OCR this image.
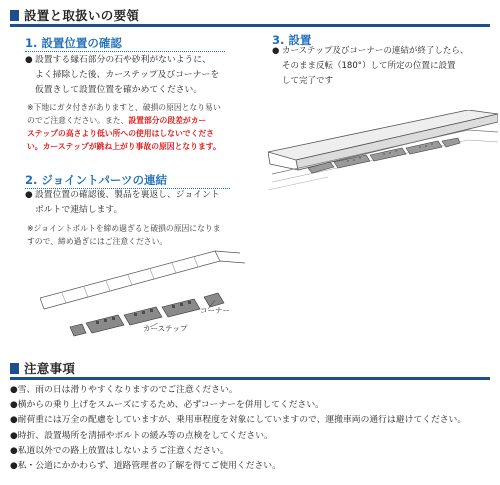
設置と取扱いの要領
1. 設置位置の確認
● 設置する縁石部分の石や砂利がないように、
よく掃除した後、カーステップ及びコーナーを
仮置きして設置位置を確かめてください。
※下地にガタ付きがありますと、破損の原因となり易い
のでご注意ください。また、設置部分の段差がカー
ステップの高さより低い所への使用はしないでくださ
い。カーステップが跳ね上がり事故の原因となります。
2. ジョイントパーツの連結
● 設置位置の確認後、製品を裏返し、ジョイント
ボルトで連結します。
※ジョイントボルトを締め過ぎると破損の原因になりま
すので、締め過ぎにはご注意ください。
3. 設置
● カーステップ及びコーナーの連結が終了したら、
そのまま反転（180°）して所定の位置に設置
して完了です
コーナー
カーステップ
注意事項
●雪、雨の日は滑りやすくなりますのでご注意ください。
●横からの乗り上げをスムーズにするため、必ずコーナーを併用してください。
●耐荷重には万全の配慮をしていますが、乗用車程度を対象にしていますので、運搬車両の通行は避けてください。
●時折、設置場所を清掃やボルトの緩み等の点検をしてください。
●私道以外での路上放置はしないようご注意ください。
●私・公道にかかわらず、道路管理者の了解を得てご使用ください。
